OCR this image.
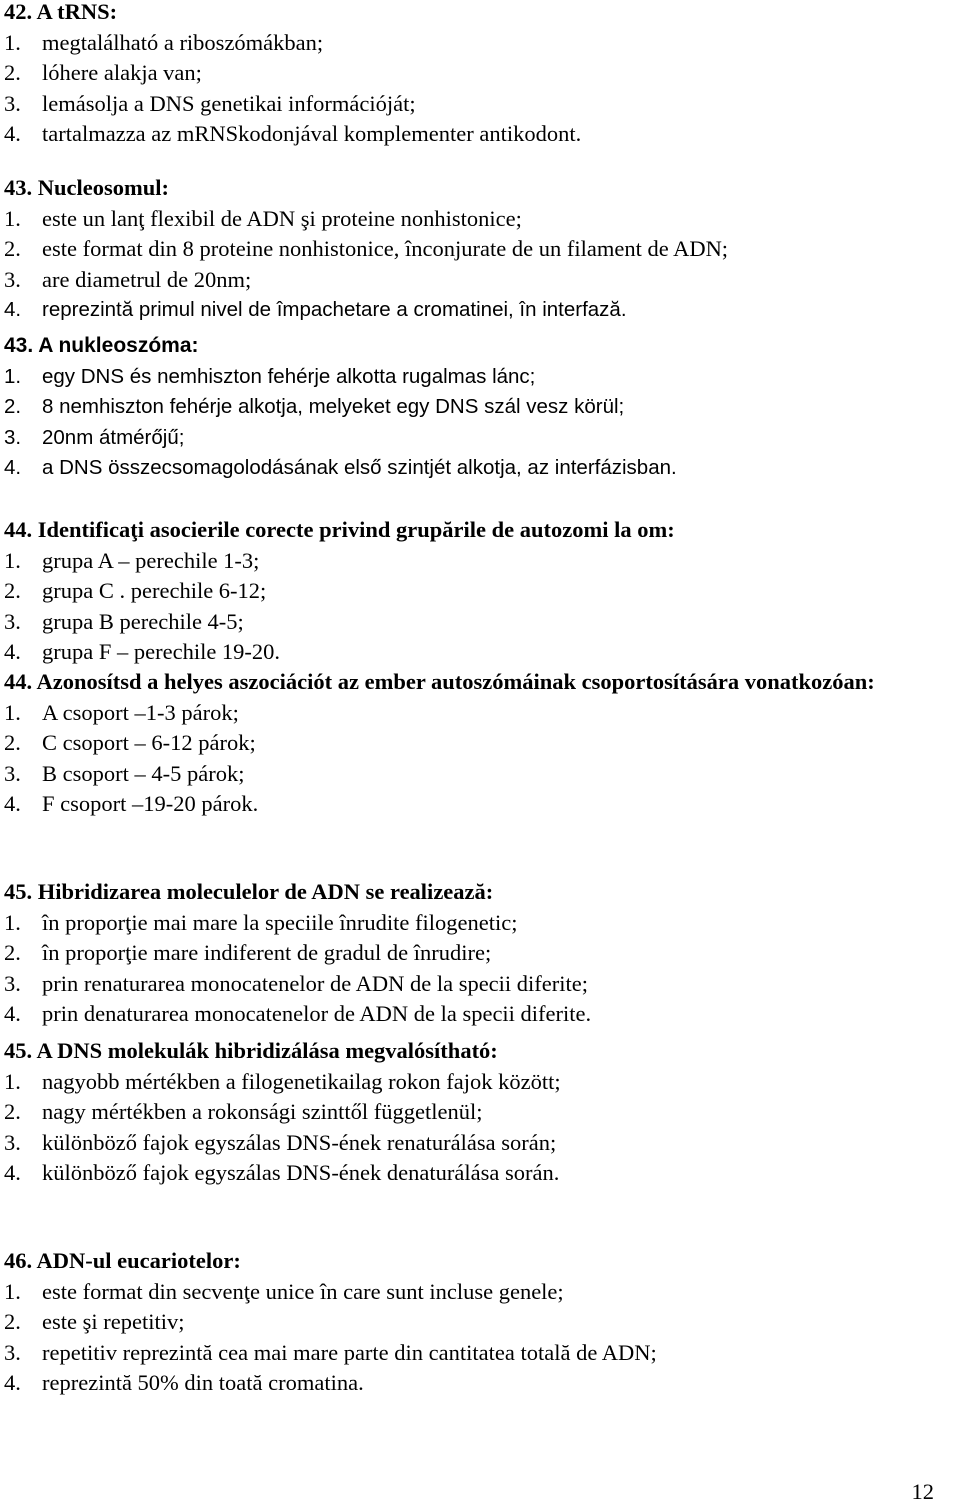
42. A tRNS:

1. megtalálható a riboszómákban;

2. lóhere alakja van;

3. lemásolja a DNS genetikai információját;

4. tartalmazza az mRNSkodonjával komplementer antikodont.

43. Nucleosomul:

1. este un lanţ flexibil de ADN şi proteine nonhistonice;

2. este format din 8 proteine nonhistonice, înconjurate de un filament de ADN;

3. are diametrul de 20nm;

4.	reprezintă primul nivel de împachetare a cromatinei, în interfază.

43. A nukleoszóma:

1.	egy DNS és nemhiszton fehérje alkotta rugalmas lánc;

2.	8 nemhiszton fehérje alkotja, melyeket egy DNS szál vesz körül;

3.	20nm átmérőjű;

4.	a DNS összecsomagolodásának első szintjét alkotja, az interfázisban.

44. Identificaţi asocierile corecte privind grupările de autozomi la om:

1. grupa A – perechile 1-3;

2. grupa C . perechile 6-12;

3. grupa B perechile 4-5;

4. grupa F – perechile 19-20.

44. Azonosítsd a helyes aszociációt az ember autoszómáinak csoportosítására vonatkozóan:

1. A csoport –1-3 párok;

2. C csoport – 6-12 párok;

3. B csoport – 4-5 párok;

4. F csoport –19-20 párok.

45. Hibridizarea moleculelor de ADN se realizează:

1. în proporţie mai mare la speciile înrudite filogenetic;

2. în proporţie mare indiferent de gradul de înrudire;

3. prin renaturarea monocatenelor de ADN de la specii diferite;

4. prin denaturarea monocatenelor de ADN de la specii diferite.

45. A DNS molekulák hibridizálása megvalósítható:

1. nagyobb mértékben a filogenetikailag rokon fajok között;

2. nagy mértékben a rokonsági szinttől függetlenül;

3. különböző fajok egyszálas DNS-ének renaturálása során;

4. különböző fajok egyszálas DNS-ének denaturálása során.

46. ADN-ul eucariotelor:

1. este format din secvenţe unice în care sunt incluse genele;

2. este şi repetitiv;

3. repetitiv reprezintă cea mai mare parte din cantitatea totală de ADN;

4. reprezintă 50% din toată cromatina.

12
